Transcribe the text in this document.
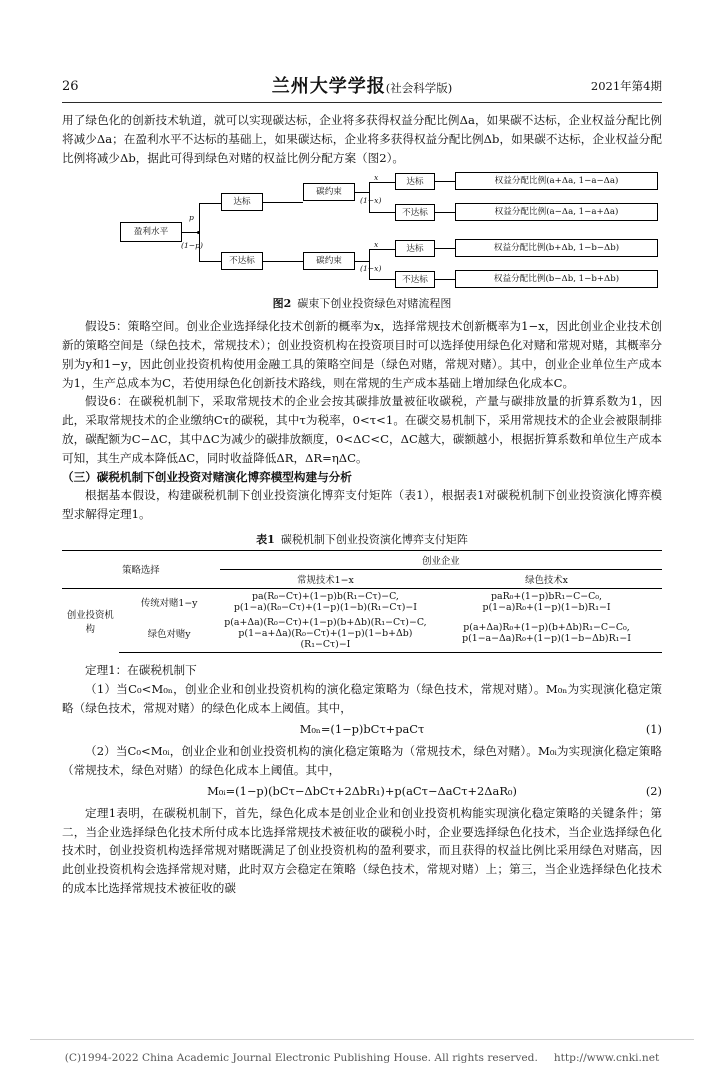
26	兰州大学学报(社会科学版)	2021年第4期

用了绿色化的创新技术轨道，就可以实现碳达标，企业将多获得权益分配比例Δa，如果碳不达标，企业权益分配比例将减少Δa；在盈利水平不达标的基础上，如果碳达标，企业将多获得权益分配比例Δb，如果碳不达标，企业权益分配比例将减少Δb，据此可得到绿色对赌的权益比例分配方案（图2）。

盈利水平
p
(1−p)
达标
不达标
碳约束
碳约束
x
(1−x)
达标
不达标
权益分配比例(a+Δa, 1−a−Δa)
权益分配比例(a−Δa, 1−a+Δa)
x
(1−x)
达标
不达标
权益分配比例(b+Δb, 1−b−Δb)
权益分配比例(b−Δb, 1−b+Δb)
图2 碳束下创业投资绿色对赌流程图

假设5：策略空间。创业企业选择绿化技术创新的概率为x，选择常规技术创新概率为1−x，因此创业企业技术创新的策略空间是（绿色技术，常规技术）；创业投资机构在投资项目时可以选择使用绿色化对赌和常规对赌，其概率分别为y和1−y，因此创业投资机构使用金融工具的策略空间是（绿色对赌，常规对赌）。其中，创业企业单位生产成本为1，生产总成本为C，若使用绿色化创新技术路线，则在常规的生产成本基础上增加绿色化成本C。

假设6：在碳税机制下，采取常规技术的企业会按其碳排放量被征收碳税，产量与碳排放量的折算系数为1，因此，采取常规技术的企业缴纳Cτ的碳税，其中τ为税率，0<τ<1。在碳交易机制下，采用常规技术的企业会被限制排放，碳配额为C−ΔC，其中ΔC为减少的碳排放额度，0<ΔC<C，ΔC越大，碳额越小，根据折算系数和单位生产成本可知，其生产成本降低ΔC，同时收益降低ΔR，ΔR=ηΔC。

（三）碳税机制下创业投资对赌演化博弈模型构建与分析

根据基本假设，构建碳税机制下创业投资演化博弈支付矩阵（表1），根据表1对碳税机制下创业投资演化博弈模型求解得定理1。

表1 碳税机制下创业投资演化博弈支付矩阵
策略选择		创业企业	
		常规技术1−x	绿色技术x
创业投资机构	传统对赌1−y	
pa(R₀−Cτ)+(1−p)b(R₁−Cτ)−C,
p(1−a)(R₀−Cτ)+(1−p)(1−b)(R₁−Cτ)−I

paR₀+(1−p)bR₁−C−C₀,
p(1−a)R₀+(1−p)(1−b)R₁−I

绿色对赌y	
p(a+Δa)(R₀−Cτ)+(1−p)(b+Δb)(R₁−Cτ)−C,
p(1−a+Δa)(R₀−Cτ)+(1−p)(1−b+Δb)(R₁−Cτ)−I

p(a+Δa)R₀+(1−p)(b+Δb)R₁−C−C₀,
p(1−a−Δa)R₀+(1−p)(1−b−Δb)R₁−I

定理1：在碳税机制下

（1）当C₀<M₀ₙ，创业企业和创业投资机构的演化稳定策略为（绿色技术，常规对赌）。M₀ₙ为实现演化稳定策略（绿色技术，常规对赌）的绿色化成本上阈值。其中，

M₀ₙ=(1−p)bCτ+paCτ	(1)

（2）当C₀<M₀ᵢ，创业企业和创业投资机构的演化稳定策略为（常规技术，绿色对赌）。M₀ᵢ为实现演化稳定策略（常规技术，绿色对赌）的绿色化成本上阈值。其中，

M₀ᵢ=(1−p)(bCτ−ΔbCτ+2ΔbR₁)+p(aCτ−ΔaCτ+2ΔaR₀)	(2)

定理1表明，在碳税机制下，首先，绿色化成本是创业企业和创业投资机构能实现演化稳定策略的关键条件；第二，当企业选择绿色化技术所付成本比选择常规技术被征收的碳税小时，企业要选择绿色化技术，当企业选择绿色化技术时，创业投资机构选择常规对赌既满足了创业投资机构的盈利要求，而且获得的权益比例比采用绿色对赌高，因此创业投资机构会选择常规对赌，此时双方会稳定在策略（绿色技术，常规对赌）上；第三，当企业选择绿色化技术的成本比选择常规技术被征收的碳

(C)1994-2022 China Academic Journal Electronic Publishing House. All rights reserved. http://www.cnki.net
